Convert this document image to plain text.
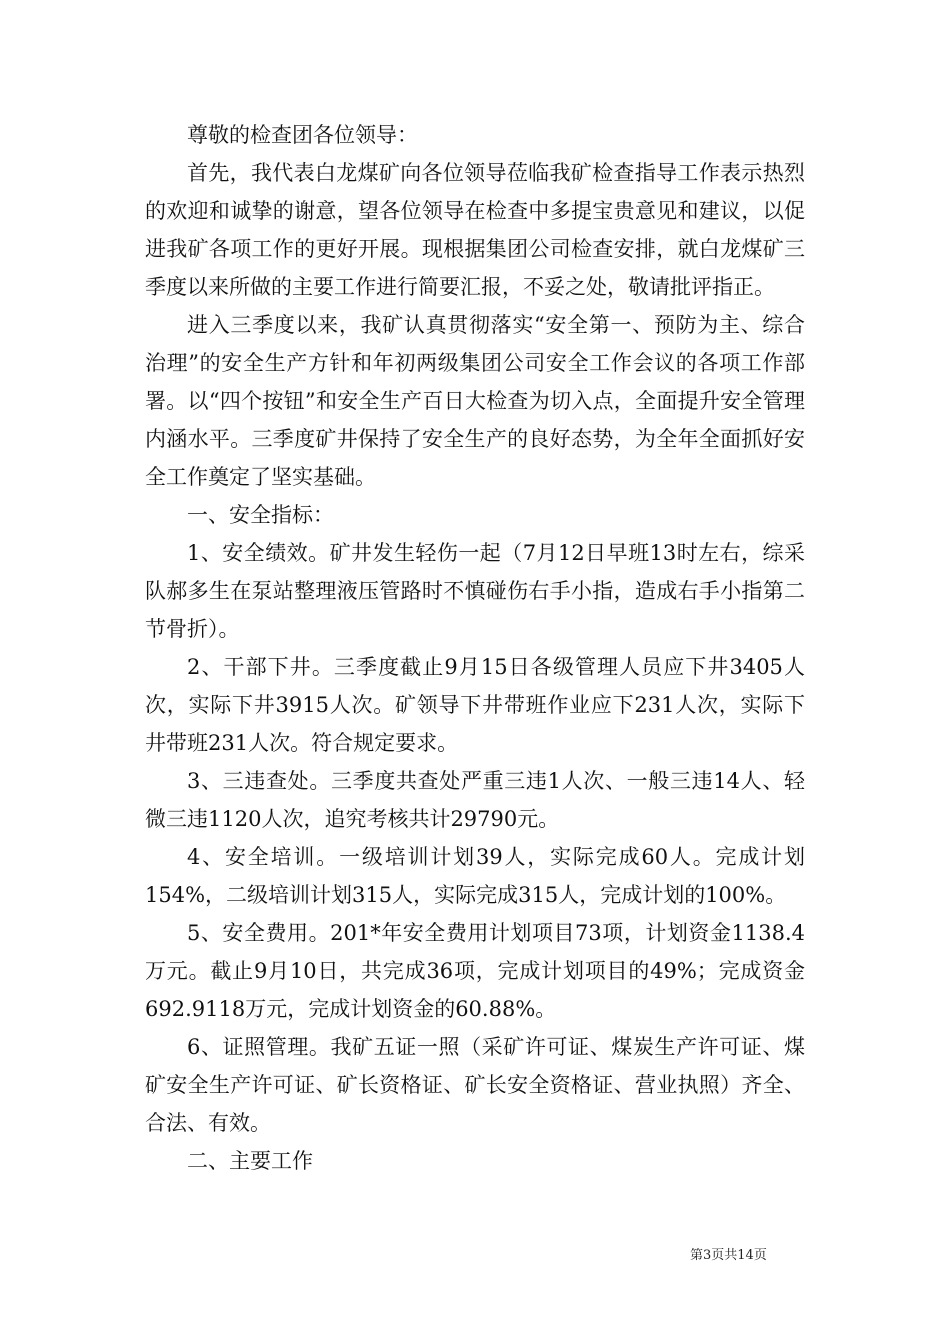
尊敬的检查团各位领导：

首先，我代表白龙煤矿向各位领导莅临我矿检查指导工作表示热烈的欢迎和诚挚的谢意，望各位领导在检查中多提宝贵意见和建议，以促进我矿各项工作的更好开展。现根据集团公司检查安排，就白龙煤矿三季度以来所做的主要工作进行简要汇报，不妥之处，敬请批评指正。

进入三季度以来，我矿认真贯彻落实“安全第一、预防为主、综合治理”的安全生产方针和年初两级集团公司安全工作会议的各项工作部署。以“四个按钮”和安全生产百日大检查为切入点，全面提升安全管理内涵水平。三季度矿井保持了安全生产的良好态势，为全年全面抓好安全工作奠定了坚实基础。

一、安全指标：

1、安全绩效。矿井发生轻伤一起（7月12日早班13时左右，综采队郝多生在泵站整理液压管路时不慎碰伤右手小指，造成右手小指第二节骨折）。

2、干部下井。三季度截止9月15日各级管理人员应下井3405人次，实际下井3915人次。矿领导下井带班作业应下231人次，实际下井带班231人次。符合规定要求。

3、三违查处。三季度共查处严重三违1人次、一般三违14人、轻微三违1120人次，追究考核共计29790元。

4、安全培训。一级培训计划39人，实际完成60人。完成计划154%，二级培训计划315人，实际完成315人，完成计划的100%。

5、安全费用。201*年安全费用计划项目73项，计划资金1138.4万元。截止9月10日，共完成36项，完成计划项目的49%；完成资金692.9118万元，完成计划资金的60.88%。

6、证照管理。我矿五证一照（采矿许可证、煤炭生产许可证、煤矿安全生产许可证、矿长资格证、矿长安全资格证、营业执照）齐全、合法、有效。

二、主要工作

第3页共14页
